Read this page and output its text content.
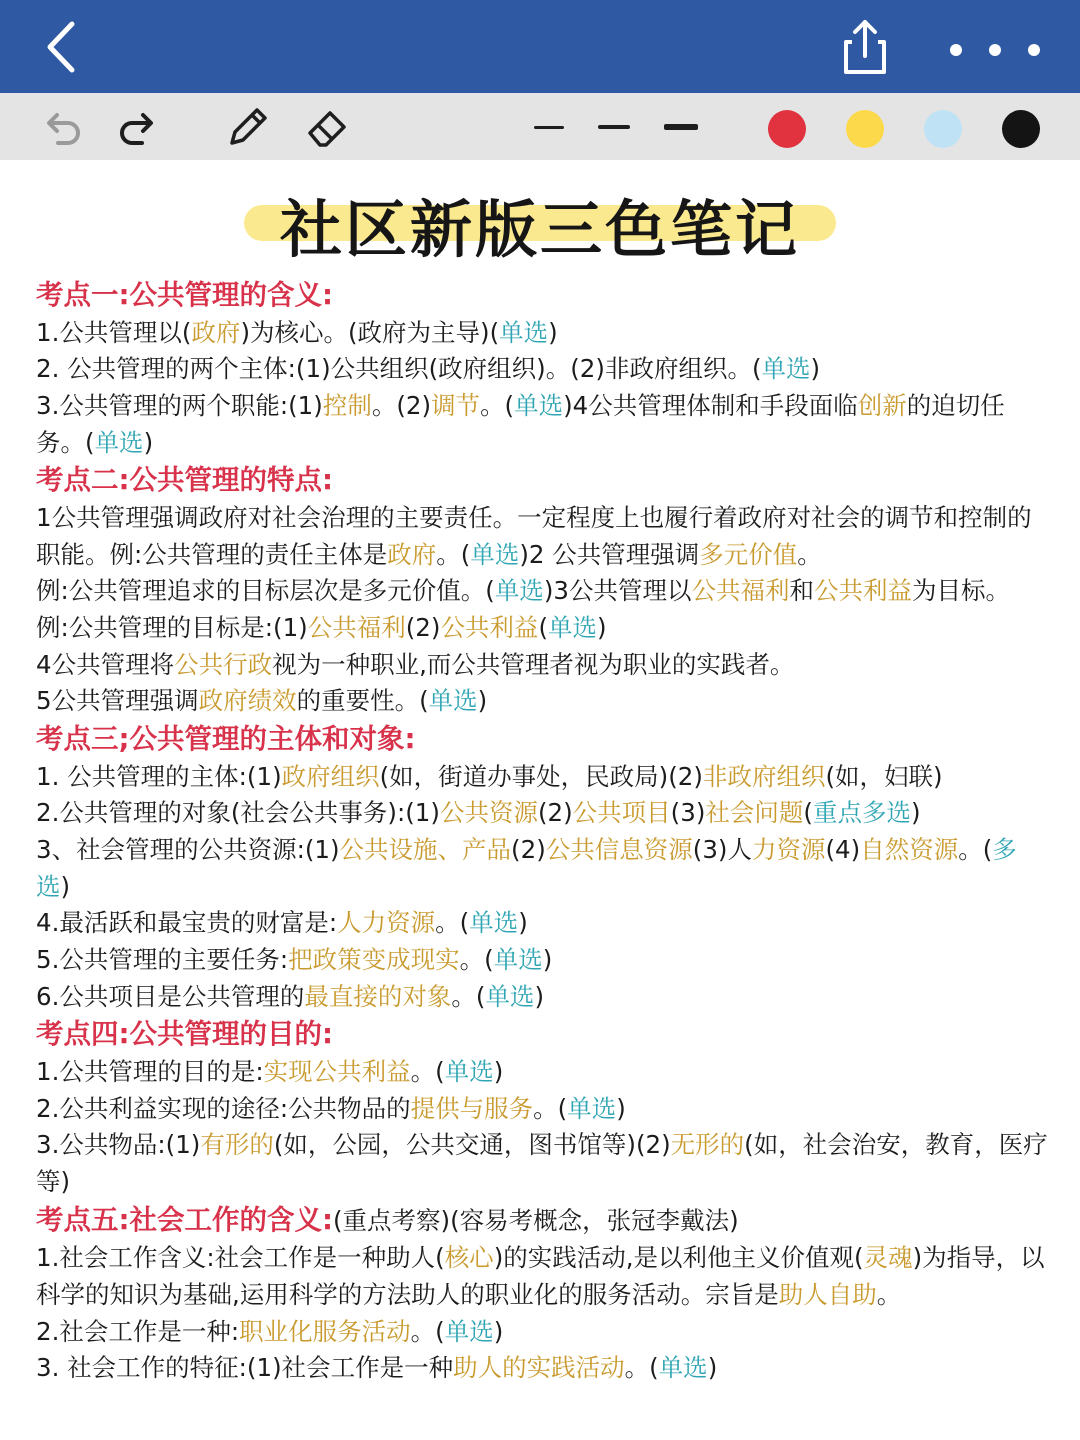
社区新版三色笔记
考点一:公共管理的含义:
1.公共管理以(政府)为核心。(政府为主导)(单选)
2. 公共管理的两个主体:(1)公共组织(政府组织)。(2)非政府组织。(单选)
3.公共管理的两个职能:(1)控制。(2)调节。(单选)4公共管理体制和手段面临创新的迫切任务。(单选)
考点二:公共管理的特点:
1公共管理强调政府对社会治理的主要责任。一定程度上也履行着政府对社会的调节和控制的职能。例:公共管理的责任主体是政府。(单选)2 公共管理强调多元价值。
例:公共管理追求的目标层次是多元价值。(单选)3公共管理以公共福利和公共利益为目标。
例:公共管理的目标是:(1)公共福利(2)公共利益(单选)
4公共管理将公共行政视为一种职业,而公共管理者视为职业的实践者。
5公共管理强调政府绩效的重要性。(单选)
考点三;公共管理的主体和对象:
1. 公共管理的主体:(1)政府组织(如，街道办事处，民政局)(2)非政府组织(如，妇联)
2.公共管理的对象(社会公共事务):(1)公共资源(2)公共项目(3)社会问题(重点多选)
3、社会管理的公共资源:(1)公共设施、产品(2)公共信息资源(3)人力资源(4)自然资源。(多选)
4.最活跃和最宝贵的财富是:人力资源。(单选)
5.公共管理的主要任务:把政策变成现实。(单选)
6.公共项目是公共管理的最直接的对象。(单选)
考点四:公共管理的目的:
1.公共管理的目的是:实现公共利益。(单选)
2.公共利益实现的途径:公共物品的提供与服务。(单选)
3.公共物品:(1)有形的(如，公园，公共交通，图书馆等)(2)无形的(如，社会治安，教育，医疗等)
考点五:社会工作的含义:(重点考察)(容易考概念，张冠李戴法)
1.社会工作含义:社会工作是一种助人(核心)的实践活动,是以利他主义价值观(灵魂)为指导，以科学的知识为基础,运用科学的方法助人的职业化的服务活动。宗旨是助人自助。
2.社会工作是一种:职业化服务活动。(单选)
3. 社会工作的特征:(1)社会工作是一种助人的实践活动。(单选)
